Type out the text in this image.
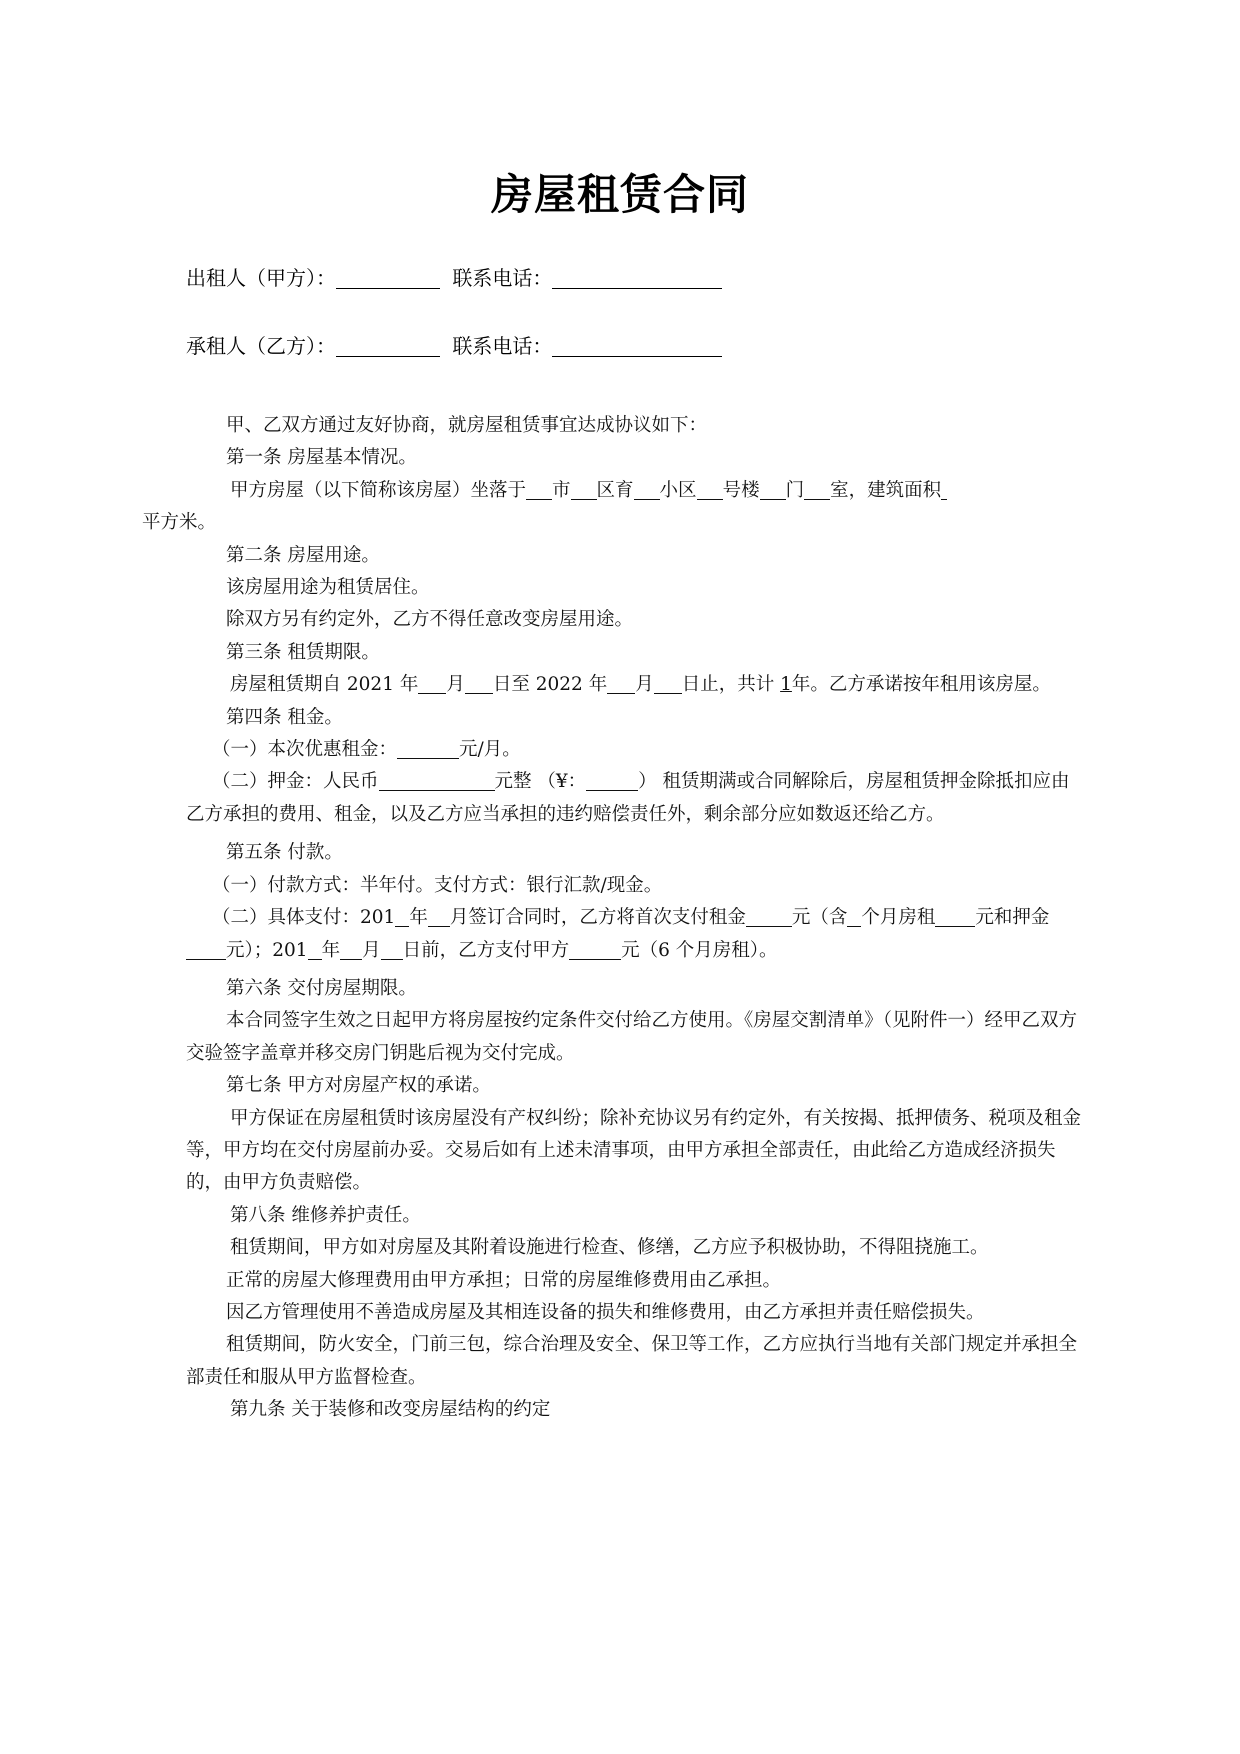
房屋租赁合同
出租人（甲方）：	联系电话：
承租人（乙方）：	联系电话：

甲、乙双方通过友好协商，就房屋租赁事宜达成协议如下：

第一条 房屋基本情况。

甲方房屋（以下简称该房屋）坐落于 市 区育 小区 号楼 门 室，建筑面积
平方米。

第二条 房屋用途。

该房屋用途为租赁居住。

除双方另有约定外，乙方不得任意改变房屋用途。

第三条 租赁期限。

房屋租赁期自 2021 年 月 日至 2022 年 月 日止，共计 1年。乙方承诺按年租用该房屋。

第四条 租金。

（一）本次优惠租金：	元/月。

（二）押金：人民币	元整 （¥：	） 租赁期满或合同解除后，房屋租赁押金除抵扣应由乙方承担的费用、租金，以及乙方应当承担的违约赔偿责任外，剩余部分应如数返还给乙方。

第五条 付款。

（一）付款方式：半年付。支付方式：银行汇款/现金。

（二）具体支付：201 年 月签订合同时，乙方将首次支付租金 元（含 个月房租 元和押金元）；201 年 月 日前，乙方支付甲方	元（6 个月房租）。

第六条 交付房屋期限。

本合同签字生效之日起甲方将房屋按约定条件交付给乙方使用。《房屋交割清单》（见附件一）经甲乙双方交验签字盖章并移交房门钥匙后视为交付完成。

第七条 甲方对房屋产权的承诺。

甲方保证在房屋租赁时该房屋没有产权纠纷；除补充协议另有约定外，有关按揭、抵押债务、税项及租金等，甲方均在交付房屋前办妥。交易后如有上述未清事项，由甲方承担全部责任，由此给乙方造成经济损失的，由甲方负责赔偿。

第八条 维修养护责任。

租赁期间，甲方如对房屋及其附着设施进行检查、修缮，乙方应予积极协助，不得阻挠施工。

正常的房屋大修理费用由甲方承担；日常的房屋维修费用由乙承担。

因乙方管理使用不善造成房屋及其相连设备的损失和维修费用，由乙方承担并责任赔偿损失。

租赁期间，防火安全，门前三包，综合治理及安全、保卫等工作，乙方应执行当地有关部门规定并承担全部责任和服从甲方监督检查。

第九条 关于装修和改变房屋结构的约定
